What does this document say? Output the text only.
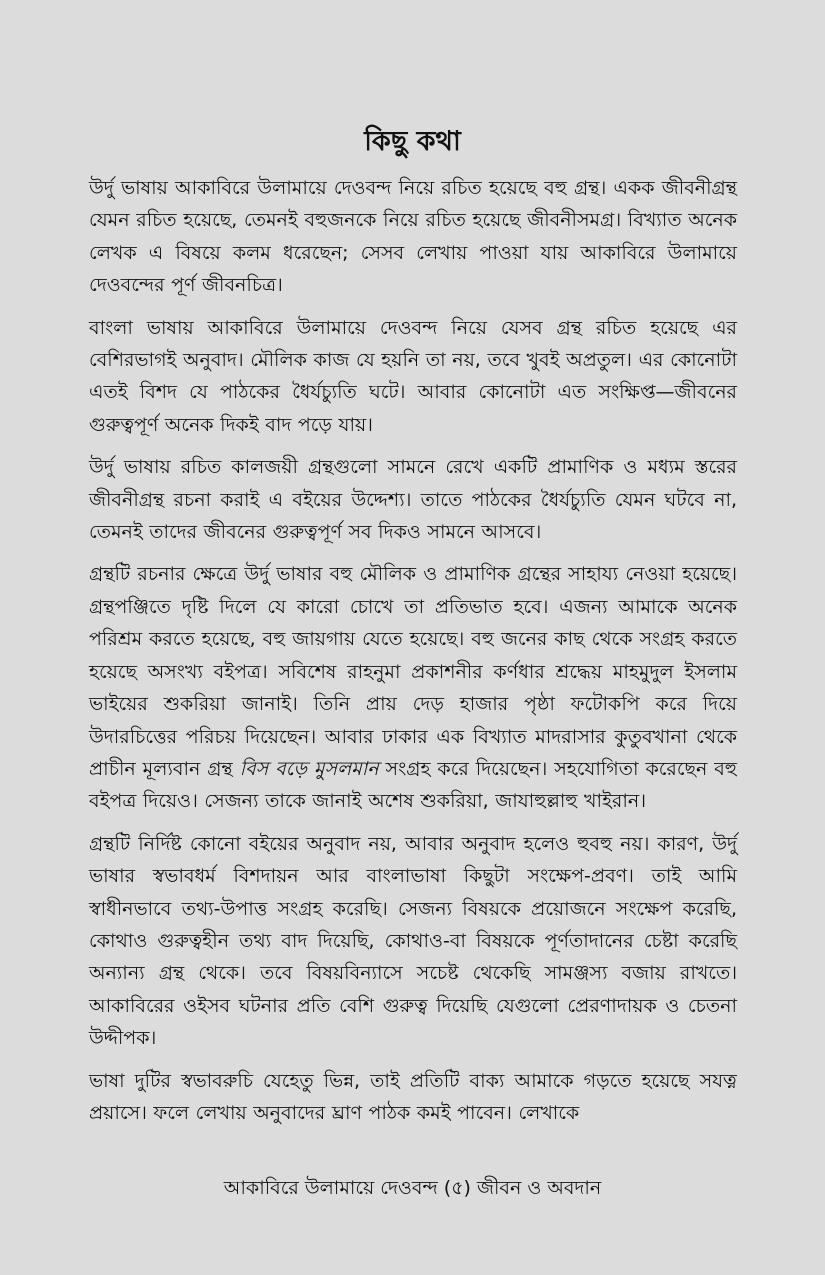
কিছু কথা

উর্দু ভাষায় আকাবিরে উলামায়ে দেওবন্দ নিয়ে রচিত হয়েছে বহু গ্রন্থ। একক জীবনীগ্রন্থ যেমন রচিত হয়েছে, তেমনই বহুজনকে নিয়ে রচিত হয়েছে জীবনীসমগ্র। বিখ্যাত অনেক লেখক এ বিষয়ে কলম ধরেছেন; সেসব লেখায় পাওয়া যায় আকাবিরে উলামায়ে দেওবন্দের পূর্ণ জীবনচিত্র।

বাংলা ভাষায় আকাবিরে উলামায়ে দেওবন্দ নিয়ে যেসব গ্রন্থ রচিত হয়েছে এর বেশিরভাগই অনুবাদ। মৌলিক কাজ যে হয়নি তা নয়, তবে খুবই অপ্রতুল। এর কোনোটা এতই বিশদ যে পাঠকের ধৈর্যচ্যুতি ঘটে। আবার কোনোটা এত সংক্ষিপ্ত—জীবনের গুরুত্বপূর্ণ অনেক দিকই বাদ পড়ে যায়।

উর্দু ভাষায় রচিত কালজয়ী গ্রন্থগুলো সামনে রেখে একটি প্রামাণিক ও মধ্যম স্তরের জীবনীগ্রন্থ রচনা করাই এ বইয়ের উদ্দেশ্য। তাতে পাঠকের ধৈর্যচ্যুতি যেমন ঘটবে না, তেমনই তাদের জীবনের গুরুত্বপূর্ণ সব দিকও সামনে আসবে।

গ্রন্থটি রচনার ক্ষেত্রে উর্দু ভাষার বহু মৌলিক ও প্রামাণিক গ্রন্থের সাহায্য নেওয়া হয়েছে। গ্রন্থপঞ্জিতে দৃষ্টি দিলে যে কারো চোখে তা প্রতিভাত হবে। এজন্য আমাকে অনেক পরিশ্রম করতে হয়েছে, বহু জায়গায় যেতে হয়েছে। বহু জনের কাছ থেকে সংগ্রহ করতে হয়েছে অসংখ্য বইপত্র। সবিশেষ রাহনুমা প্রকাশনীর কর্ণধার শ্রদ্ধেয় মাহমুদুল ইসলাম ভাইয়ের শুকরিয়া জানাই। তিনি প্রায় দেড় হাজার পৃষ্ঠা ফটোকপি করে দিয়ে উদারচিত্তের পরিচয় দিয়েছেন। আবার ঢাকার এক বিখ্যাত মাদরাসার কুতুবখানা থেকে প্রাচীন মূল্যবান গ্রন্থ বিস বড়ে মুসলমান সংগ্রহ করে দিয়েছেন। সহযোগিতা করেছেন বহু বইপত্র দিয়েও। সেজন্য তাকে জানাই অশেষ শুকরিয়া, জাযাহুল্লাহু খাইরান।

গ্রন্থটি নির্দিষ্ট কোনো বইয়ের অনুবাদ নয়, আবার অনুবাদ হলেও হুবহু নয়। কারণ, উর্দু ভাষার স্বভাবধর্ম বিশদায়ন আর বাংলাভাষা কিছুটা সংক্ষেপ-প্রবণ। তাই আমি স্বাধীনভাবে তথ্য-উপাত্ত সংগ্রহ করেছি। সেজন্য বিষয়কে প্রয়োজনে সংক্ষেপ করেছি, কোথাও গুরুত্বহীন তথ্য বাদ দিয়েছি, কোথাও-বা বিষয়কে পূর্ণতাদানের চেষ্টা করেছি অন্যান্য গ্রন্থ থেকে। তবে বিষয়বিন্যাসে সচেষ্ট থেকেছি সামঞ্জস্য বজায় রাখতে। আকাবিরের ওইসব ঘটনার প্রতি বেশি গুরুত্ব দিয়েছি যেগুলো প্রেরণাদায়ক ও চেতনা উদ্দীপক।

ভাষা দুটির স্বভাবরুচি যেহেতু ভিন্ন, তাই প্রতিটি বাক্য আমাকে গড়তে হয়েছে সযত্ন প্রয়াসে। ফলে লেখায় অনুবাদের ঘ্রাণ পাঠক কমই পাবেন। লেখাকে

আকাবিরে উলামায়ে দেওবন্দ (৫) জীবন ও অবদান
